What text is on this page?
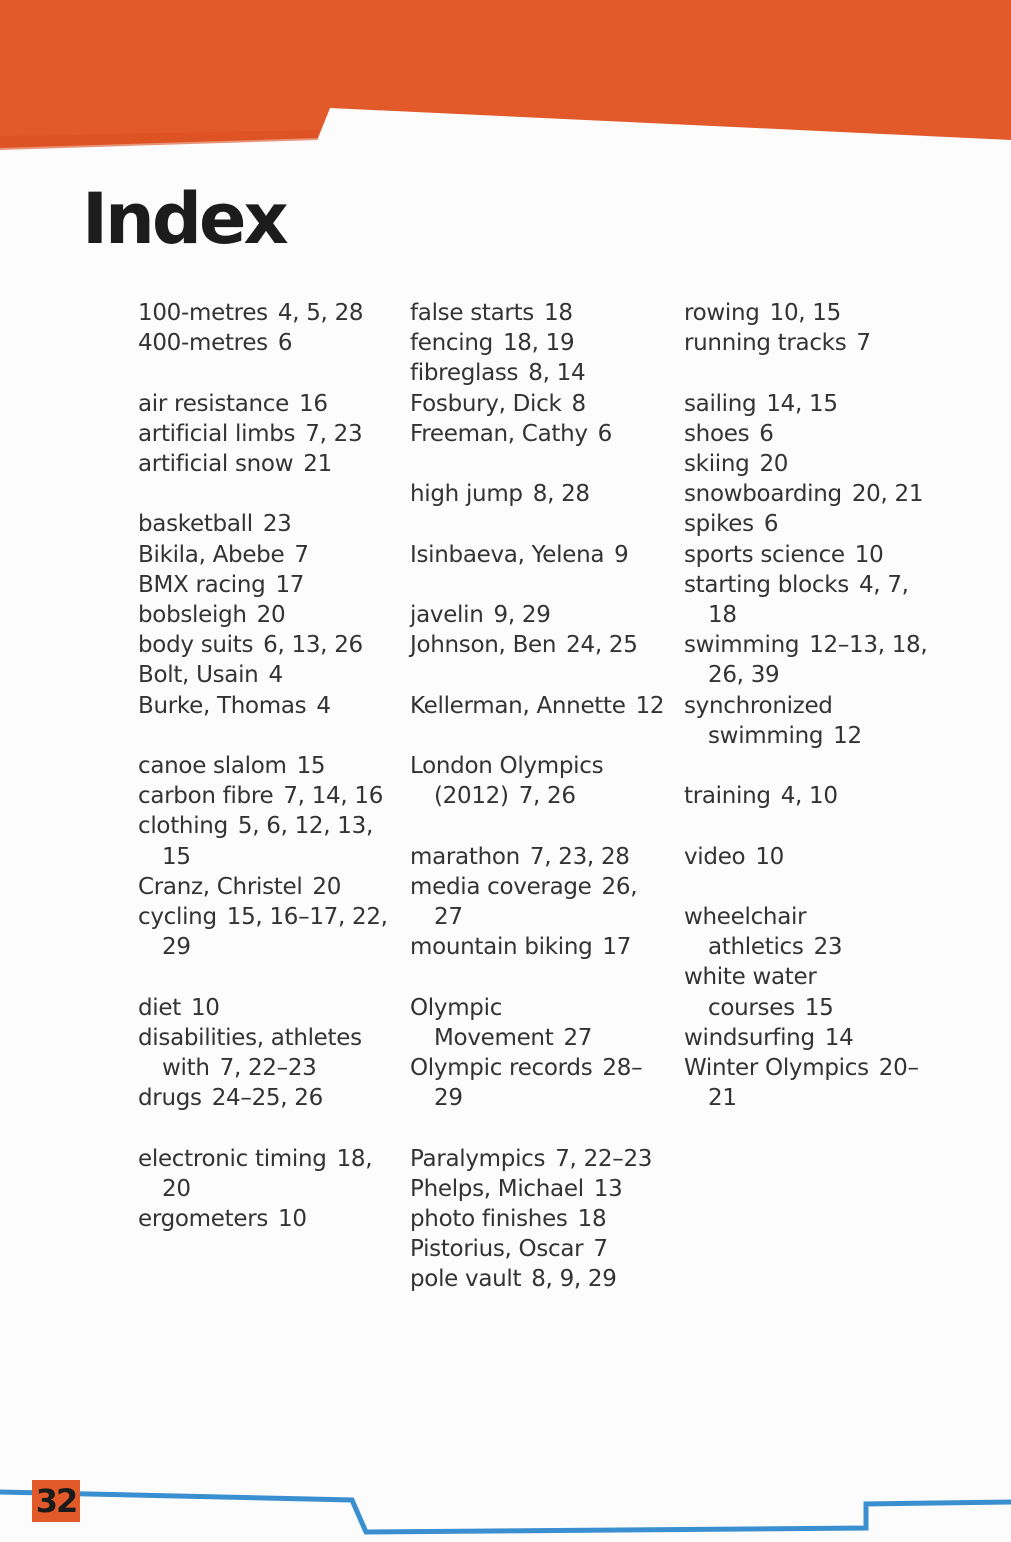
Index
100-metres 4, 5, 28
400-metres 6
air resistance 16
artificial limbs 7, 23
artificial snow 21
basketball 23
Bikila, Abebe 7
BMX racing 17
bobsleigh 20
body suits 6, 13, 26
Bolt, Usain 4
Burke, Thomas 4
canoe slalom 15
carbon fibre 7, 14, 16
clothing 5, 6, 12, 13, 15
Cranz, Christel 20
cycling 15, 16–17, 22, 29
diet 10
disabilities, athletes with 7, 22–23
drugs 24–25, 26
electronic timing 18, 20
ergometers 10
false starts 18
fencing 18, 19
fibreglass 8, 14
Fosbury, Dick 8
Freeman, Cathy 6
high jump 8, 28
Isinbaeva, Yelena 9
javelin 9, 29
Johnson, Ben 24, 25
Kellerman, Annette 12
London Olympics (2012) 7, 26
marathon 7, 23, 28
media coverage 26, 27
mountain biking 17
Olympic Movement 27
Olympic records 28–29
Paralympics 7, 22–23
Phelps, Michael 13
photo finishes 18
Pistorius, Oscar 7
pole vault 8, 9, 29
rowing 10, 15
running tracks 7
sailing 14, 15
shoes 6
skiing 20
snowboarding 20, 21
spikes 6
sports science 10
starting blocks 4, 7, 18
swimming 12–13, 18, 26, 39
synchronized swimming 12
training 4, 10
video 10
wheelchair athletics 23
white water courses 15
windsurfing 14
Winter Olympics 20–21
32
